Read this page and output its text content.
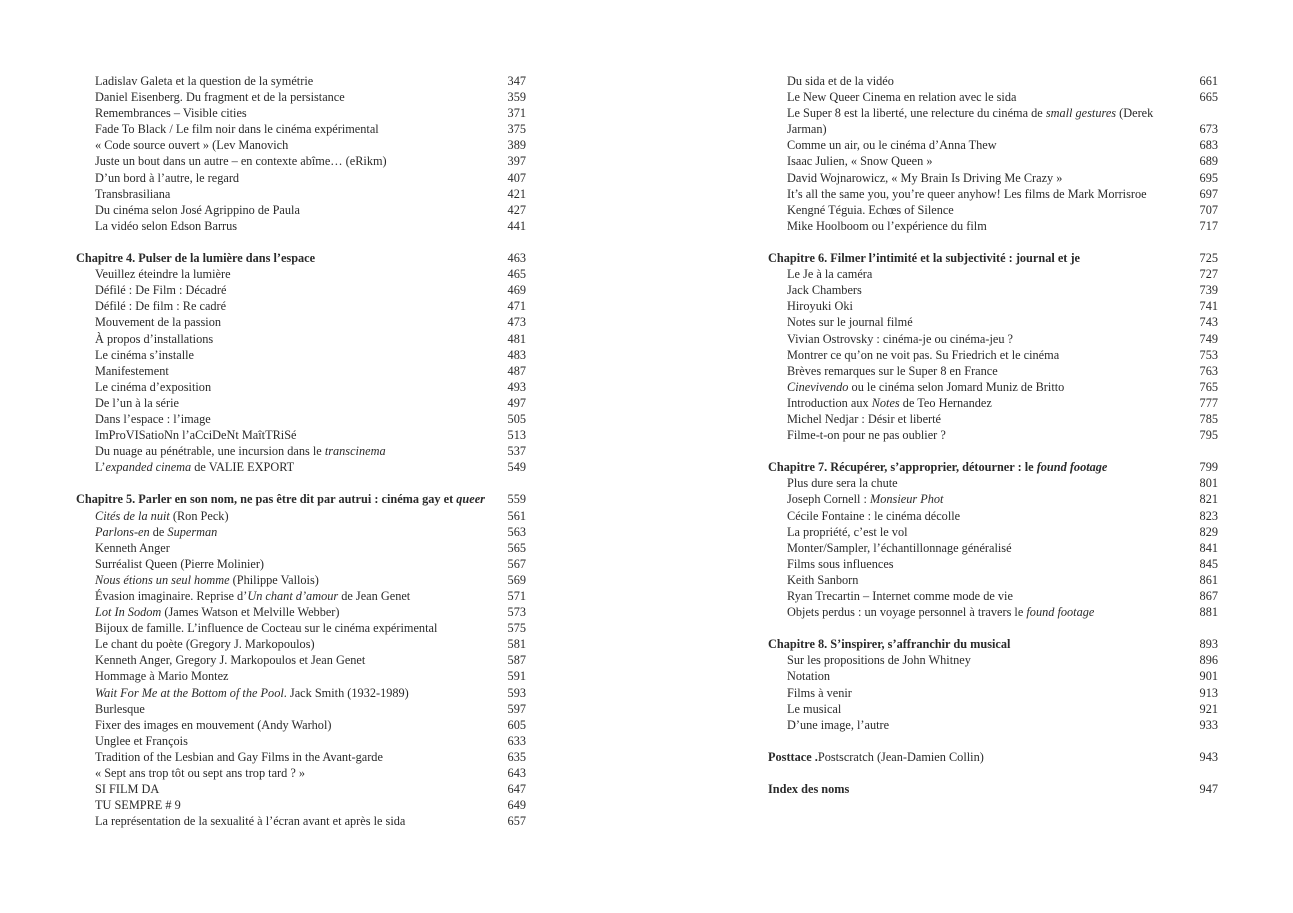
Ladislav Galeta et la question de la symétrie	347
Daniel Eisenberg. Du fragment et de la persistance	359
Remembrances – Visible cities	371
Fade To Black / Le film noir dans le cinéma expérimental	375
« Code source ouvert » (Lev Manovich	389
Juste un bout dans un autre – en contexte abîme… (eRikm)	397
D’un bord à l’autre, le regard	407
Transbrasiliana	421
Du cinéma selon José Agrippino de Paula	427
La vidéo selon Edson Barrus	441
Chapitre 4. Pulser de la lumière dans l’espace	463
Veuillez éteindre la lumière	465
Défilé : De Film : Décadré	469
Défilé : De film : Re cadré	471
Mouvement de la passion	473
À propos d’installations	481
Le cinéma s’installe	483
Manifestement	487
Le cinéma d’exposition	493
De l’un à la série	497
Dans l’espace : l’image	505
ImProVISatioNn l’aCciDeNt MaîtTRiSé	513
Du nuage au pénétrable, une incursion dans le transcinema	537
L’expanded cinema de VALIE EXPORT	549
Chapitre 5. Parler en son nom, ne pas être dit par autrui : cinéma gay et queer	559
Cités de la nuit (Ron Peck)	561
Parlons-en de Superman	563
Kenneth Anger	565
Surréalist Queen (Pierre Molinier)	567
Nous étions un seul homme (Philippe Vallois)	569
Évasion imaginaire. Reprise d’Un chant d’amour de Jean Genet	571
Lot In Sodom (James Watson et Melville Webber)	573
Bijoux de famille. L’influence de Cocteau sur le cinéma expérimental	575
Le chant du poète (Gregory J. Markopoulos)	581
Kenneth Anger, Gregory J. Markopoulos et Jean Genet	587
Hommage à Mario Montez	591
Wait For Me at the Bottom of the Pool. Jack Smith (1932-1989)	593
Burlesque	597
Fixer des images en mouvement (Andy Warhol)	605
Unglee et François	633
Tradition of the Lesbian and Gay Films in the Avant-garde	635
« Sept ans trop tôt ou sept ans trop tard ? »	643
SI FILM DA	647
TU SEMPRE # 9	649
La représentation de la sexualité à l’écran avant et après le sida	657
Du sida et de la vidéo	661
Le New Queer Cinema en relation avec le sida	665
Le Super 8 est la liberté, une relecture du cinéma de small gestures (Derek Jarman)	673
Comme un air, ou le cinéma d’Anna Thew	683
Isaac Julien, « Snow Queen »	689
David Wojnarowicz, « My Brain Is Driving Me Crazy »	695
It’s all the same you, you’re queer anyhow! Les films de Mark Morrisroe	697
Kengné Téguia. Echœs of Silence	707
Mike Hoolboom ou l’expérience du film	717
Chapitre 6. Filmer l’intimité et la subjectivité : journal et je	725
Le Je à la caméra	727
Jack Chambers	739
Hiroyuki Oki	741
Notes sur le journal filmé	743
Vivian Ostrovsky : cinéma-je ou cinéma-jeu ?	749
Montrer ce qu’on ne voit pas. Su Friedrich et le cinéma	753
Brèves remarques sur le Super 8 en France	763
Cinevivendo ou le cinéma selon Jomard Muniz de Britto	765
Introduction aux Notes de Teo Hernandez	777
Michel Nedjar : Désir et liberté	785
Filme-t-on pour ne pas oublier ?	795
Chapitre 7. Récupérer, s’approprier, détourner : le found footage	799
Plus dure sera la chute	801
Joseph Cornell : Monsieur Phot	821
Cécile Fontaine : le cinéma décolle	823
La propriété, c’est le vol	829
Monter/Sampler, l’échantillonnage généralisé	841
Films sous influences	845
Keith Sanborn	861
Ryan Trecartin – Internet comme mode de vie	867
Objets perdus : un voyage personnel à travers le found footage	881
Chapitre 8. S’inspirer, s’affranchir du musical	893
Sur les propositions de John Whitney	896
Notation	901
Films à venir	913
Le musical	921
D’une image, l’autre	933
Posttace .Postscratch (Jean-Damien Collin)	943
Index des noms	947
